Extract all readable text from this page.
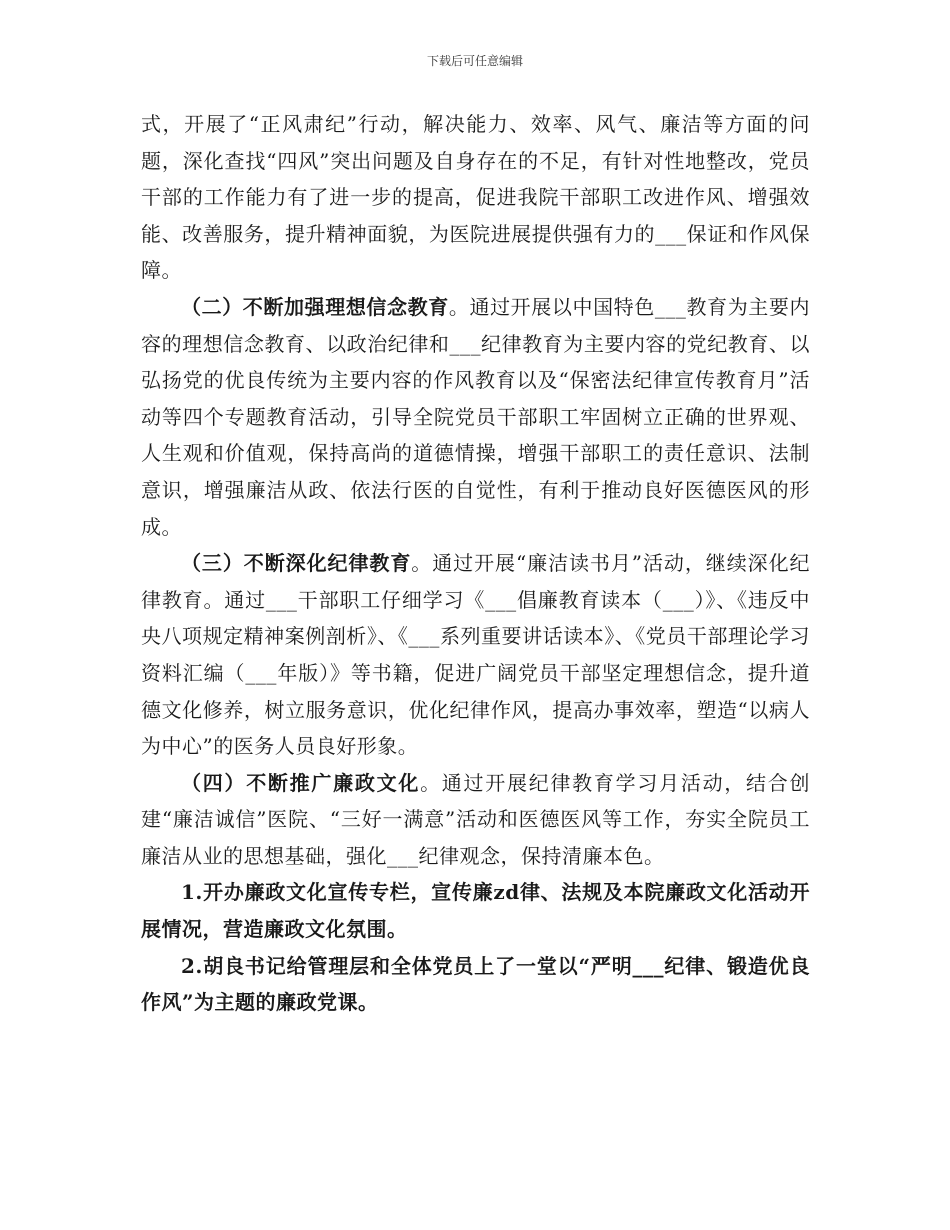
下载后可任意编辑

式，开展了“正风肃纪”行动，解决能力、效率、风气、廉洁等方面的问题，深化查找“四风”突出问题及自身存在的不足，有针对性地整改，党员干部的工作能力有了进一步的提高，促进我院干部职工改进作风、增强效能、改善服务，提升精神面貌，为医院进展提供强有力的___保证和作风保障。

（二）不断加强理想信念教育。通过开展以中国特色___教育为主要内容的理想信念教育、以政治纪律和___纪律教育为主要内容的党纪教育、以弘扬党的优良传统为主要内容的作风教育以及“保密法纪律宣传教育月”活动等四个专题教育活动，引导全院党员干部职工牢固树立正确的世界观、人生观和价值观，保持高尚的道德情操，增强干部职工的责任意识、法制意识，增强廉洁从政、依法行医的自觉性，有利于推动良好医德医风的形成。

（三）不断深化纪律教育。通过开展“廉洁读书月”活动，继续深化纪律教育。通过___干部职工仔细学习《___倡廉教育读本（___）》、《违反中央八项规定精神案例剖析》、《___系列重要讲话读本》、《党员干部理论学习资料汇编（___年版）》等书籍，促进广阔党员干部坚定理想信念，提升道德文化修养，树立服务意识，优化纪律作风，提高办事效率，塑造“以病人为中心”的医务人员良好形象。

（四）不断推广廉政文化。通过开展纪律教育学习月活动，结合创建“廉洁诚信”医院、“三好一满意”活动和医德医风等工作，夯实全院员工廉洁从业的思想基础，强化___纪律观念，保持清廉本色。

1.开办廉政文化宣传专栏，宣传廉zd律、法规及本院廉政文化活动开展情况，营造廉政文化氛围。

2.胡良书记给管理层和全体党员上了一堂以“严明___纪律、锻造优良作风”为主题的廉政党课。
